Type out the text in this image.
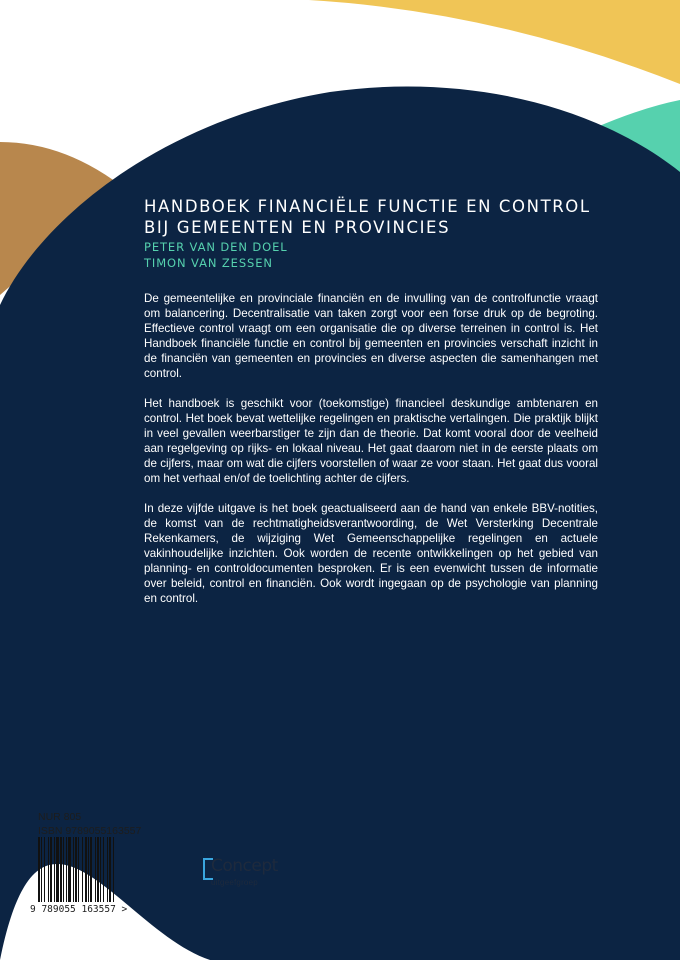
HANDBOEK FINANCIËLE FUNCTIE EN CONTROL
BIJ GEMEENTEN EN PROVINCIES
PETER VAN DEN DOEL
TIMON VAN ZESSEN

De gemeentelijke en provinciale financiën en de invulling van de controlfunctie vraagt om balancering. Decentralisatie van taken zorgt voor een forse druk op de begroting. Effectieve control vraagt om een organisatie die op diverse terreinen in control is. Het Handboek financiële functie en control bij gemeenten en provincies verschaft inzicht in de financiën van gemeenten en provincies en diverse aspecten die samenhangen met control.

Het handboek is geschikt voor (toekomstige) financieel deskundige ambtenaren en control. Het boek bevat wettelijke regelingen en praktische vertalingen. Die praktijk blijkt in veel gevallen weerbarstiger te zijn dan de theorie. Dat komt vooral door de veelheid aan regelgeving op rijks- en lokaal niveau. Het gaat daarom niet in de eerste plaats om de cijfers, maar om wat die cijfers voorstellen of waar ze voor staan. Het gaat dus vooral om het verhaal en/of de toelichting achter de cijfers.

In deze vijfde uitgave is het boek geactualiseerd aan de hand van enkele BBV-notities, de komst van de rechtmatigheidsverantwoording, de Wet Versterking Decentrale Rekenkamers, de wijziging Wet Gemeenschappelijke regelingen en actuele vakinhoudelijke inzichten. Ook worden de recente ontwikkelingen op het gebied van planning- en controldocumenten besproken. Er is een evenwicht tussen de informatie over beleid, control en financiën. Ook wordt ingegaan op de psychologie van planning en control.

NUR 805
ISBN 9789055163557
9 789055 163557 >
Concept
uitgeefgroep
